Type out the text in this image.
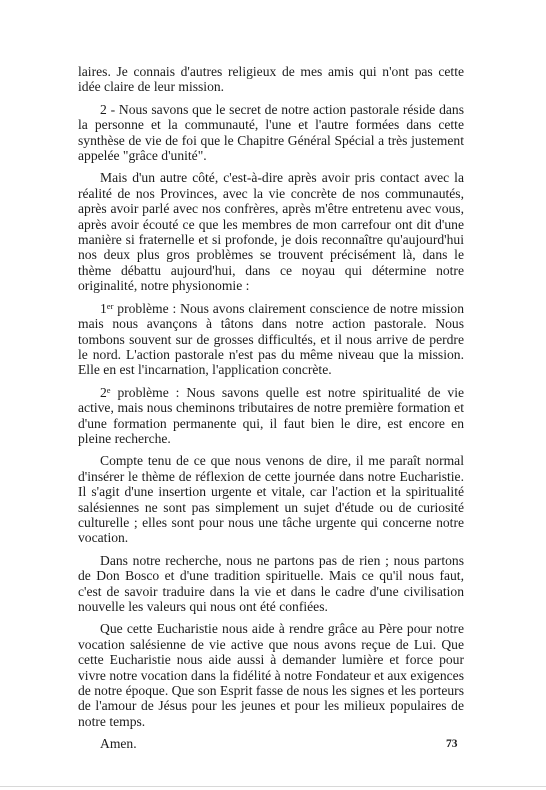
laires. Je connais d'autres religieux de mes amis qui n'ont pas cette idée claire de leur mission.

2 - Nous savons que le secret de notre action pastorale réside dans la personne et la communauté, l'une et l'autre formées dans cette synthèse de vie de foi que le Chapitre Général Spécial a très justement appelée "grâce d'unité".

Mais d'un autre côté, c'est-à-dire après avoir pris contact avec la réalité de nos Provinces, avec la vie concrète de nos communautés, après avoir parlé avec nos confrères, après m'être entretenu avec vous, après avoir écouté ce que les membres de mon carrefour ont dit d'une manière si fraternelle et si profonde, je dois reconnaître qu'aujourd'hui nos deux plus gros problèmes se trouvent précisément là, dans le thème débattu aujourd'hui, dans ce noyau qui détermine notre originalité, notre physionomie :

1er problème : Nous avons clairement conscience de notre mission mais nous avançons à tâtons dans notre action pastorale. Nous tombons souvent sur de grosses difficultés, et il nous arrive de perdre le nord. L'action pastorale n'est pas du même niveau que la mission. Elle en est l'incarnation, l'application concrète.

2e problème : Nous savons quelle est notre spiritualité de vie active, mais nous cheminons tributaires de notre première formation et d'une formation permanente qui, il faut bien le dire, est encore en pleine recherche.

Compte tenu de ce que nous venons de dire, il me paraît normal d'insérer le thème de réflexion de cette journée dans notre Eucharistie. Il s'agit d'une insertion urgente et vitale, car l'action et la spiritualité salésiennes ne sont pas simplement un sujet d'étude ou de curiosité culturelle ; elles sont pour nous une tâche urgente qui concerne notre vocation.

Dans notre recherche, nous ne partons pas de rien ; nous partons de Don Bosco et d'une tradition spirituelle. Mais ce qu'il nous faut, c'est de savoir traduire dans la vie et dans le cadre d'une civilisation nouvelle les valeurs qui nous ont été confiées.

Que cette Eucharistie nous aide à rendre grâce au Père pour notre vocation salésienne de vie active que nous avons reçue de Lui. Que cette Eucharistie nous aide aussi à demander lumière et force pour vivre notre vocation dans la fidélité à notre Fondateur et aux exigences de notre époque. Que son Esprit fasse de nous les signes et les porteurs de l'amour de Jésus pour les jeunes et pour les milieux populaires de notre temps.

Amen.	73
